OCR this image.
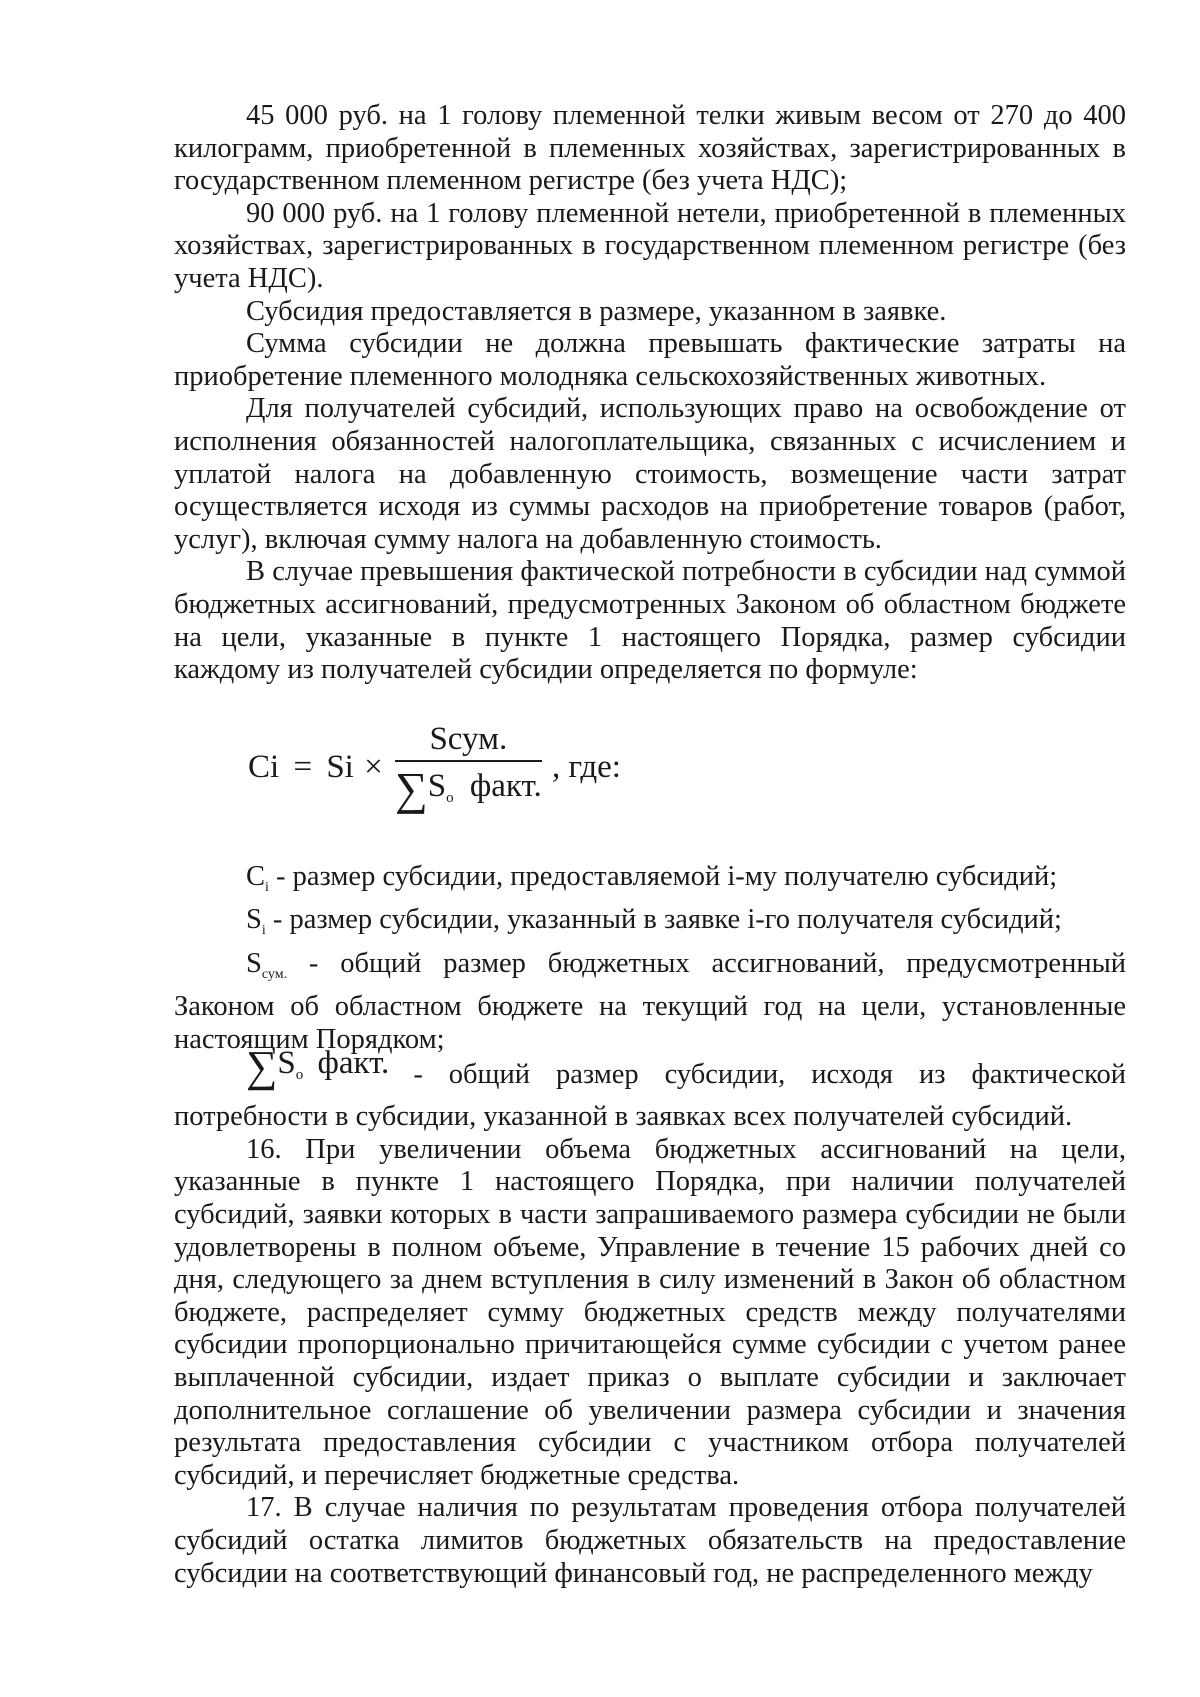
45 000 руб. на 1 голову племенной телки живым весом от 270 до 400 килограмм, приобретенной в племенных хозяйствах, зарегистрированных в государственном племенном регистре (без учета НДС);

90 000 руб. на 1 голову племенной нетели, приобретенной в племенных хозяйствах, зарегистрированных в государственном племенном регистре (без учета НДС).

Субсидия предоставляется в размере, указанном в заявке.

Сумма субсидии не должна превышать фактические затраты на приобретение племенного молодняка сельскохозяйственных животных.

Для получателей субсидий, использующих право на освобождение от исполнения обязанностей налогоплательщика, связанных с исчислением и уплатой налога на добавленную стоимость, возмещение части затрат осуществляется исходя из суммы расходов на приобретение товаров (работ, услуг), включая сумму налога на добавленную стоимость.

В случае превышения фактической потребности в субсидии над суммой бюджетных ассигнований, предусмотренных Законом об областном бюджете на цели, указанные в пункте 1 настоящего Порядка, размер субсидии каждому из получателей субсидии определяется по формуле:

$Ci = Si \times \frac{\text{Sсум.}}{\sum S_o факт.}$ , где:

$C_i$ - размер субсидии, предоставляемой i-му получателю субсидий;

$S_i$ - размер субсидии, указанный в заявке i-го получателя субсидий;

$S_{сум.}$ - общий размер бюджетных ассигнований, предусмотренный Законом об областном бюджете на текущий год на цели, установленные настоящим Порядком;

$\sum S_o$ факт. - общий размер субсидии, исходя из фактической потребности в субсидии, указанной в заявках всех получателей субсидий.

16. При увеличении объема бюджетных ассигнований на цели, указанные в пункте 1 настоящего Порядка, при наличии получателей субсидий, заявки которых в части запрашиваемого размера субсидии не были удовлетворены в полном объеме, Управление в течение 15 рабочих дней со дня, следующего за днем вступления в силу изменений в Закон об областном бюджете, распределяет сумму бюджетных средств между получателями субсидии пропорционально причитающейся сумме субсидии с учетом ранее выплаченной субсидии, издает приказ о выплате субсидии и заключает дополнительное соглашение об увеличении размера субсидии и значения результата предоставления субсидии с участником отбора получателей субсидий, и перечисляет бюджетные средства.

17. В случае наличия по результатам проведения отбора получателей субсидий остатка лимитов бюджетных обязательств на предоставление субсидии на соответствующий финансовый год, не распределенного между
